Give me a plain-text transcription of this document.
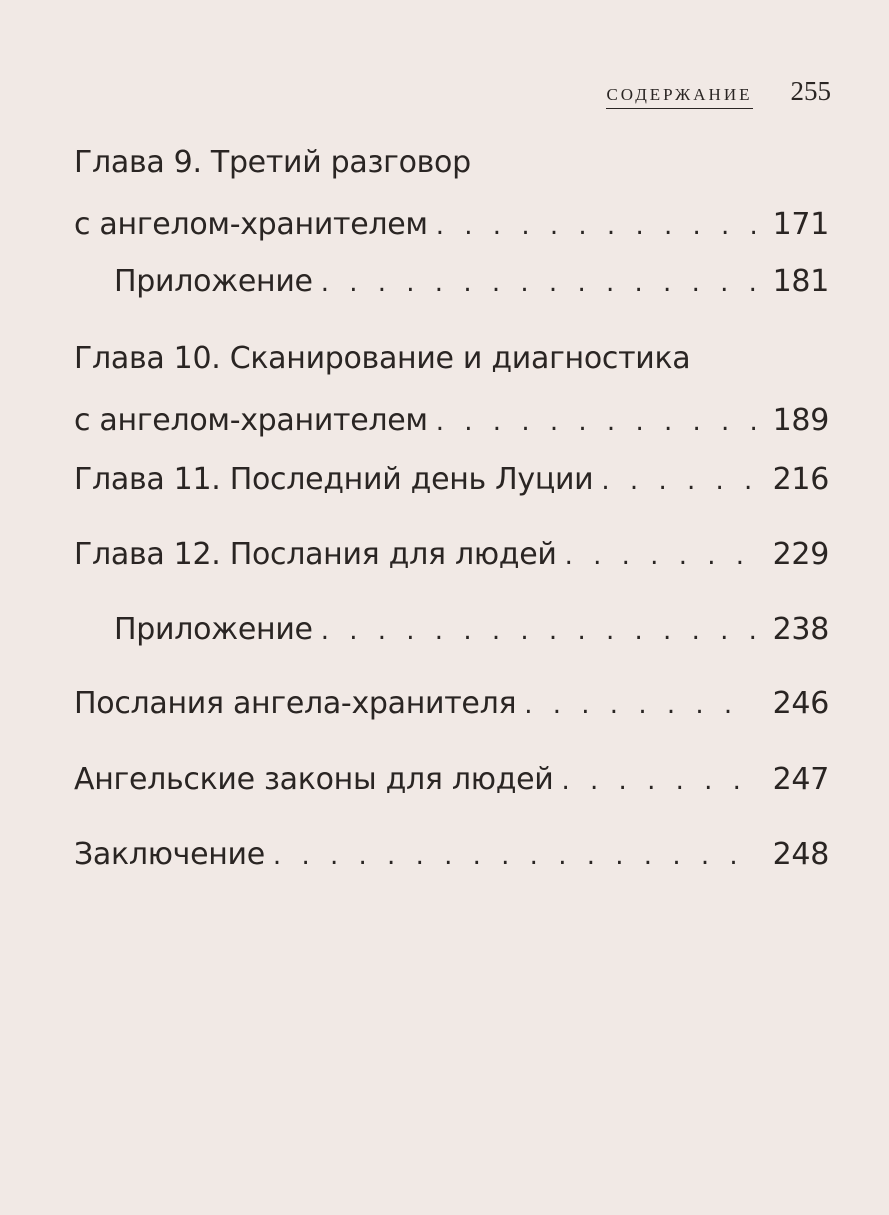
СОДЕРЖАНИЕ 255
Глава 9. Третий разговор
с ангелом-хранителем . . .	171
Приложение . . .	181
Глава 10. Сканирование и диагностика
с ангелом-хранителем . . .	189
Глава 11. Последний день Луции . . .	216
Глава 12. Послания для людей . . .	229
Приложение . . .	238
Послания ангела-хранителя . . .	246
Ангельские законы для людей . . .	247
Заключение . . .	248
